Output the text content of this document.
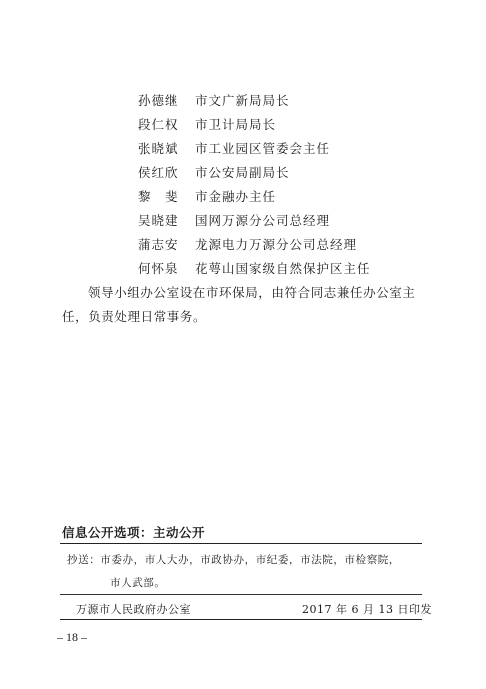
孙德继	市文广新局局长
段仁权	市卫计局局长
张晓斌	市工业园区管委会主任
侯红欣	市公安局副局长
黎　斐	市金融办主任
吴晓建	国网万源分公司总经理
蒲志安	龙源电力万源分公司总经理
何怀泉	花萼山国家级自然保护区主任
领导小组办公室设在市环保局，由符合同志兼任办公室主
任，负责处理日常事务。
信息公开选项：主动公开
抄送：市委办，市人大办，市政协办，市纪委，市法院，市检察院，
市人武部。
万源市人民政府办公室	2017 年 6 月 13 日印发
– 18 –
